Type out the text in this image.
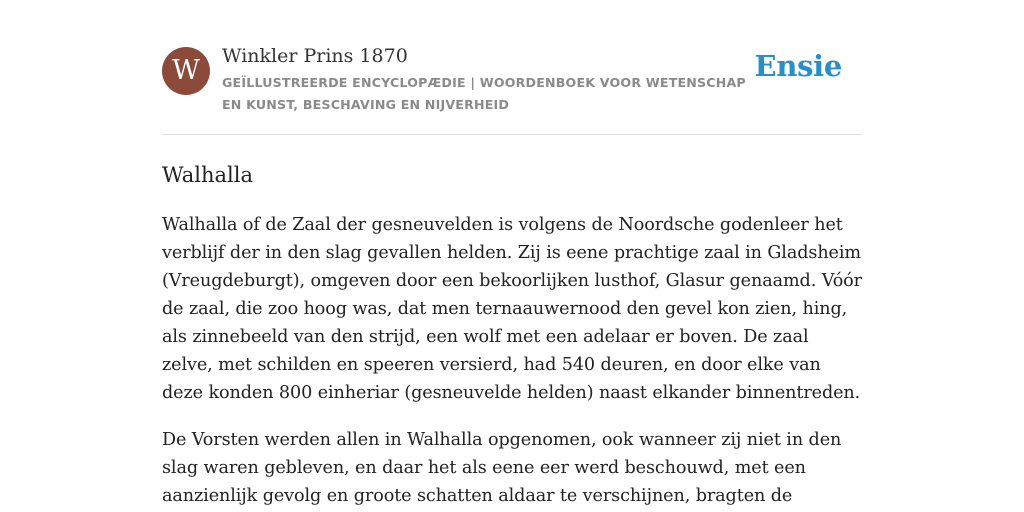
W	Winkler Prins 1870
GEÏLLUSTREERDE ENCYCLOPÆDIE | WOORDENBOEK VOOR WETENSCHAP EN KUNST, BESCHAVING EN NIJVERHEID
Ensie
Walhalla

Walhalla of de Zaal der gesneuvelden is volgens de Noordsche godenleer het verblijf der in den slag gevallen helden. Zij is eene prachtige zaal in Gladsheim (Vreugdeburgt), omgeven door een bekoorlijken lusthof, Glasur genaamd. Vóór de zaal, die zoo hoog was, dat men ternaauwernood den gevel kon zien, hing, als zinnebeeld van den strijd, een wolf met een adelaar er boven. De zaal zelve, met schilden en speeren versierd, had 540 deuren, en door elke van deze konden 800 einheriar (gesneuvelde helden) naast elkander binnentreden.

De Vorsten werden allen in Walhalla opgenomen, ook wanneer zij niet in den slag waren gebleven, en daar het als eene eer werd beschouwd, met een aanzienlijk gevolg en groote schatten aldaar te verschijnen, bragten de
